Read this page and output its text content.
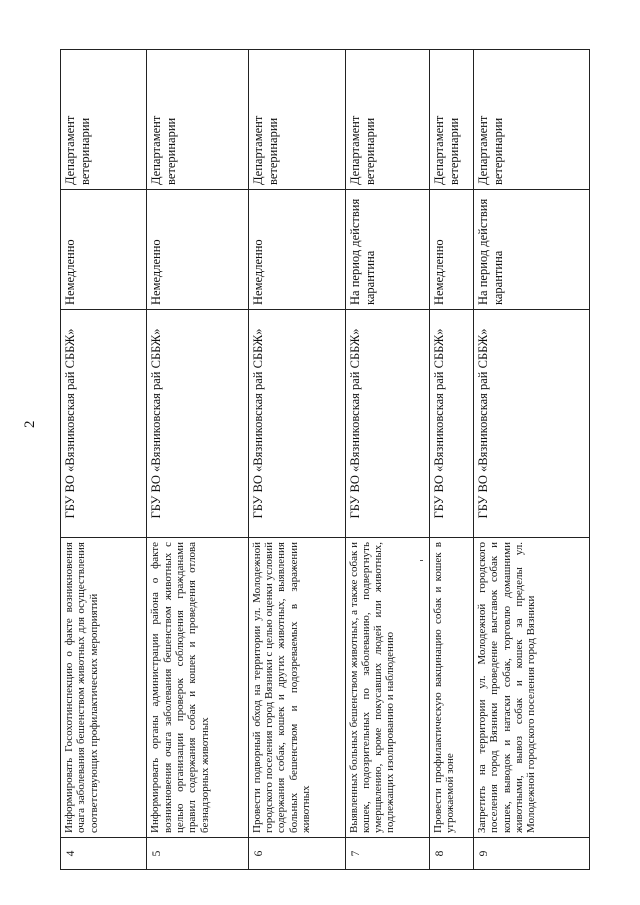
2
4	Информировать Госохотинспекцию о факте возникновения очага заболевания бешенством животных для осуществления соответствующих профилактических мероприятий	ГБУ ВО «Вязниковская рай СББЖ»	Немедленно	Департамент ветеринарии
5	Информировать органы администрации района о факте возникновения очага заболевания бешенством животных с целью организации проверок соблюдения гражданами правил содержания собак и кошек и проведения отлова безнадзорных животных	ГБУ ВО «Вязниковская рай СББЖ»	Немедленно	Департамент ветеринарии
6	Провести подворный обход на территории ул. Молодежной городского поселения город Вязники с целью оценки условий содержания собак, кошек и других животных, выявления больных бешенством и подозреваемых в заражении животных	ГБУ ВО «Вязниковская рай СББЖ»	Немедленно	Департамент ветеринарии
7	Выявленных больных бешенством животных, а также собак и кошек, подозрительных по заболеванию, подвергнуть умерщвлению, кроме покусавших людей или животных, подлежащих изолированию и наблюдению	ГБУ ВО «Вязниковская рай СББЖ»	На период действия карантина	Департамент ветеринарии
8	Провести профилактическую вакцинацию собак и кошек в угрожаемой зоне	ГБУ ВО «Вязниковская рай СББЖ»	Немедленно	Департамент ветеринарии
9	Запретить на территории ул. Молодежной городского поселения город Вязники проведение выставок собак и кошек, выводок и натаски собак, торговлю домашними животными, вывоз собак и кошек за пределы ул. Молодежной городского поселения город Вязники	ГБУ ВО «Вязниковская рай СББЖ»	На период действия карантина	Департамент ветеринарии
